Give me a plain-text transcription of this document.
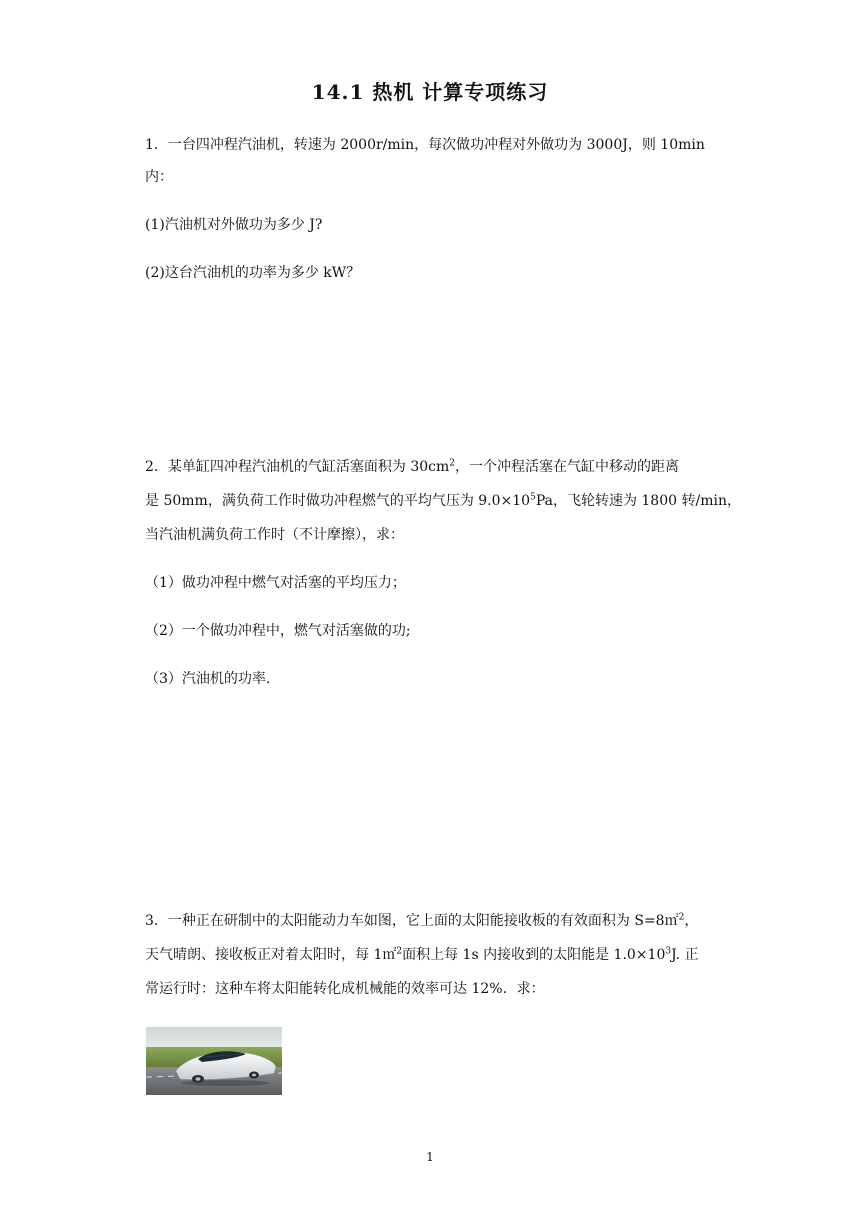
14.1 热机 计算专项练习
1．一台四冲程汽油机，转速为 2000r/min，每次做功冲程对外做功为 3000J，则 10min
内：
(1)汽油机对外做功为多少 J?
(2)这台汽油机的功率为多少 kW？
2．某单缸四冲程汽油机的气缸活塞面积为 $30cm^2$，一个冲程活塞在气缸中移动的距离
是 50mm，满负荷工作时做功冲程燃气的平均气压为 $9.0\times 10^5Pa$，飞轮转速为 1800 转/min，
当汽油机满负荷工作时（不计摩擦），求：
（1）做功冲程中燃气对活塞的平均压力；
（2）一个做功冲程中，燃气对活塞做的功;
（3）汽油机的功率.
3．一种正在研制中的太阳能动力车如图，它上面的太阳能接收板的有效面积为 S=8㎡$^2$，
天气晴朗、接收板正对着太阳时，每 1㎡$^2$面积上每 1s 内接收到的太阳能是 $1.0\times 10^3J$. 正
常运行时：这种车将太阳能转化成机械能的效率可达 12%．求：
1
